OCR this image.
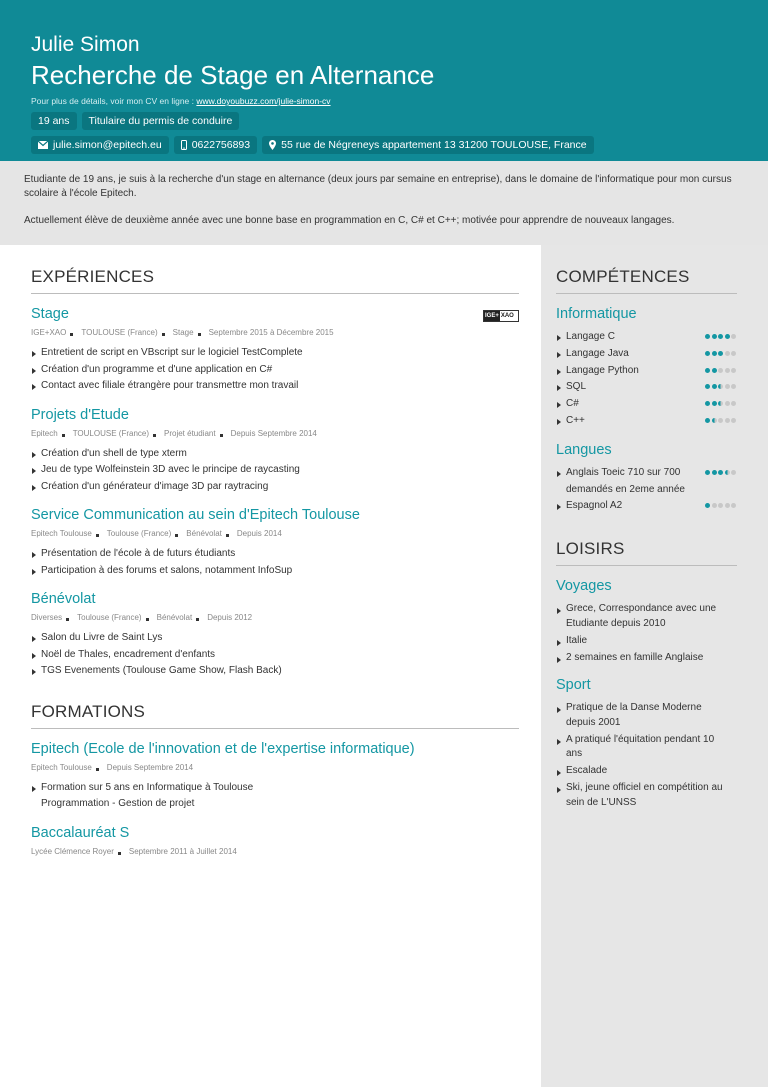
Julie Simon
Recherche de Stage en Alternance
Pour plus de détails, voir mon CV en ligne : www.doyoubuzz.com/julie-simon-cv
19 ans	Titulaire du permis de conduire
julie.simon@epitech.eu	0622756893	55 rue de Négreneys appartement 13 31200 TOULOUSE, France

Etudiante de 19 ans, je suis à la recherche d'un stage en alternance (deux jours par semaine en entreprise), dans le domaine de l'informatique pour mon cursus scolaire à l'école Epitech.

Actuellement élève de deuxième année avec une bonne base en programmation en C, C# et C++; motivée pour apprendre de nouveaux langages.

EXPÉRIENCES
Stage	IGE+ XAO
IGE+XAO TOULOUSE (France) Stage Septembre 2015 à Décembre 2015
Entretient de script en VBscript sur le logiciel TestComplete
Création d'un programme et d'une application en C#
Contact avec filiale étrangère pour transmettre mon travail
Projets d'Etude
Epitech TOULOUSE (France) Projet étudiant Depuis Septembre 2014
Création d'un shell de type xterm
Jeu de type Wolfeinstein 3D avec le principe de raycasting
Création d'un générateur d'image 3D par raytracing
Service Communication au sein d'Epitech Toulouse
Epitech Toulouse Toulouse (France) Bénévolat Depuis 2014
Présentation de l'école à de futurs étudiants
Participation à des forums et salons, notamment InfoSup
Bénévolat
Diverses Toulouse (France) Bénévolat Depuis 2012
Salon du Livre de Saint Lys
Noël de Thales, encadrement d'enfants
TGS Evenements (Toulouse Game Show, Flash Back)
FORMATIONS
Epitech (Ecole de l'innovation et de l'expertise informatique)
Epitech Toulouse Depuis Septembre 2014
Formation sur 5 ans en Informatique à Toulouse
Programmation - Gestion de projet
Baccalauréat S
Lycée Clémence Royer Septembre 2011 à Juillet 2014
COMPÉTENCES
Informatique
Langage C
Langage Java
Langage Python
SQL
C#
C++
Langues
Anglais Toeic 710 sur 700
demandés en 2eme année
Espagnol A2
LOISIRS
Voyages
Grece, Correspondance avec une
Etudiante depuis 2010
Italie
2 semaines en famille Anglaise
Sport
Pratique de la Danse Moderne
depuis 2001
A pratiqué l'équitation pendant 10
ans
Escalade
Ski, jeune officiel en compétition au
sein de L'UNSS
